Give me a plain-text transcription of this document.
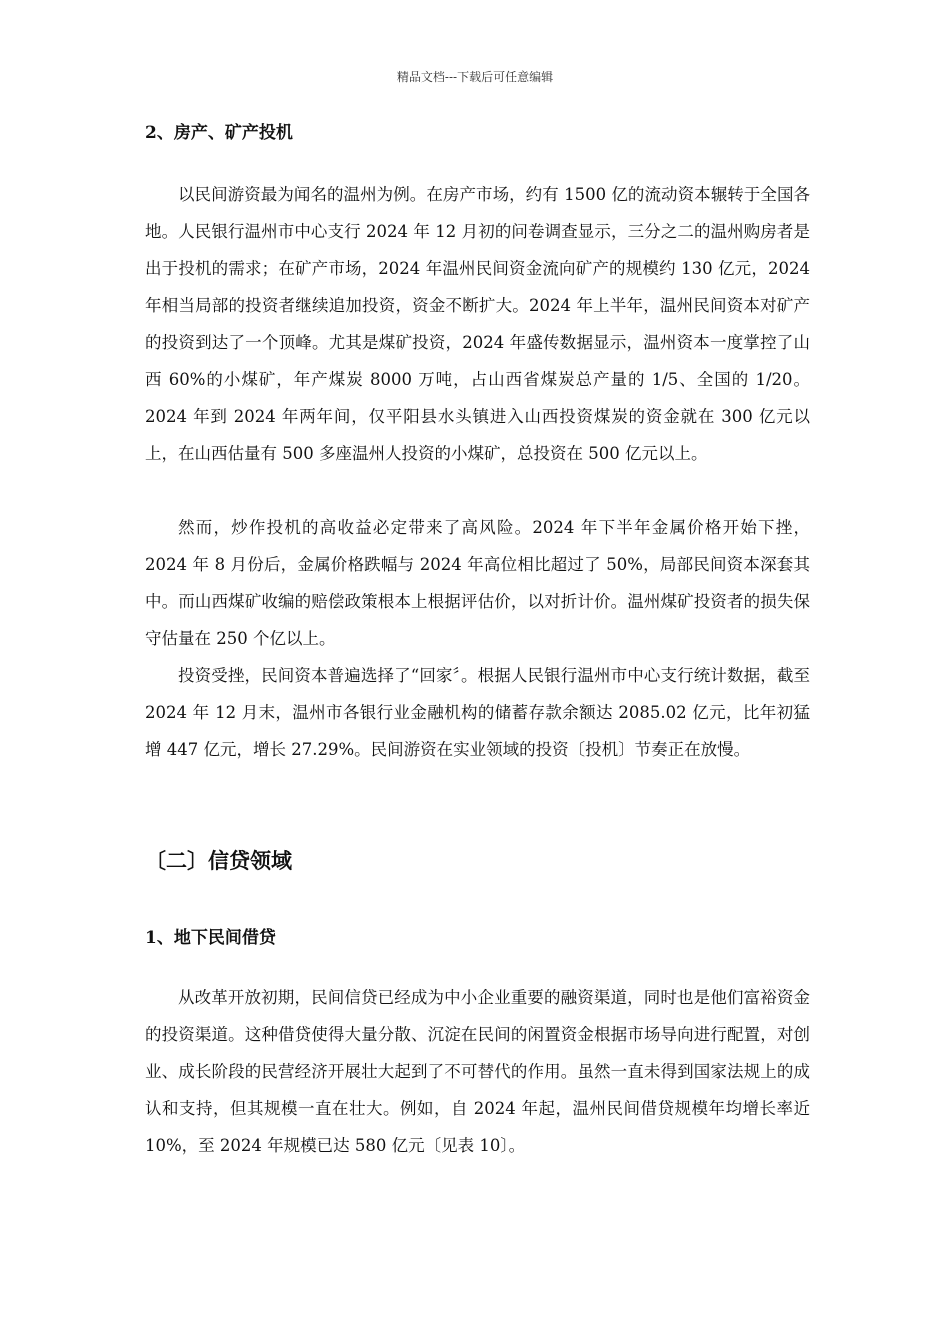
精品文档---下载后可任意编辑
2、房产、矿产投机
以民间游资最为闻名的温州为例。在房产市场，约有 1500 亿的流动资本辗转于全国各地。人民银行温州市中心支行 2024 年 12 月初的问卷调查显示，三分之二的温州购房者是出于投机的需求；在矿产市场，2024 年温州民间资金流向矿产的规模约 130 亿元，2024 年相当局部的投资者继续追加投资，资金不断扩大。2024 年上半年，温州民间资本对矿产的投资到达了一个顶峰。尤其是煤矿投资，2024 年盛传数据显示，温州资本一度掌控了山西 60%的小煤矿，年产煤炭 8000 万吨，占山西省煤炭总产量的 1/5、全国的 1/20。2024 年到 2024 年两年间，仅平阳县水头镇进入山西投资煤炭的资金就在 300 亿元以上，在山西估量有 500 多座温州人投资的小煤矿，总投资在 500 亿元以上。
然而，炒作投机的高收益必定带来了高风险。2024 年下半年金属价格开始下挫，2024 年 8 月份后，金属价格跌幅与 2024 年高位相比超过了 50%，局部民间资本深套其中。而山西煤矿收编的赔偿政策根本上根据评估价，以对折计价。温州煤矿投资者的损失保守估量在 250 个亿以上。
投资受挫，民间资本普遍选择了“回家〞。根据人民银行温州市中心支行统计数据，截至 2024 年 12 月末，温州市各银行业金融机构的储蓄存款余额达 2085.02 亿元，比年初猛增 447 亿元，增长 27.29%。民间游资在实业领域的投资〔投机〕节奏正在放慢。
〔二〕信贷领域
1、地下民间借贷
从改革开放初期，民间信贷已经成为中小企业重要的融资渠道，同时也是他们富裕资金的投资渠道。这种借贷使得大量分散、沉淀在民间的闲置资金根据市场导向进行配置，对创业、成长阶段的民营经济开展壮大起到了不可替代的作用。虽然一直未得到国家法规上的成认和支持，但其规模一直在壮大。例如，自 2024 年起，温州民间借贷规模年均增长率近 10%，至 2024 年规模已达 580 亿元〔见表 10〕。
